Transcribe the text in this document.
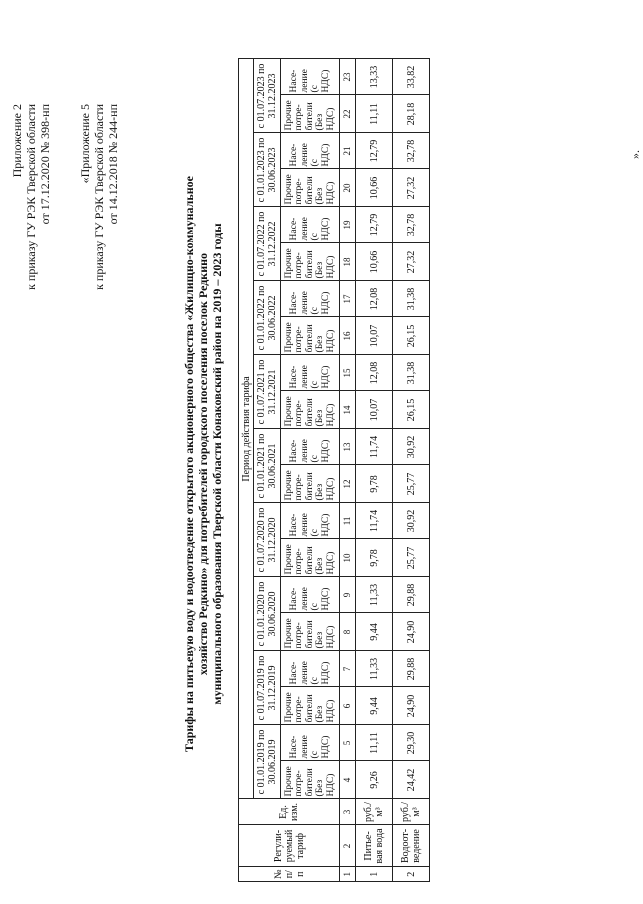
Приложение 2 к приказу ГУ РЭК Тверской области от 17.12.2020 № 398-нп «Приложение 5 к приказу ГУ РЭК Тверской области от 14.12.2018 № 244-нп
Тарифы на питьевую воду и водоотведение открытого акционерного общества «Жилищно-коммунальное хозяйство Редкино» для потребителей городского поселения поселок Редкино муниципального образования Тверской области Конаковский район на 2019 – 2023 годы
№ п/п	Регули-руемый тариф	Ед. изм.	Период действия тарифа																			
			с 01.01.2019 по 30.06.2019		с 01.07.2019 по 31.12.2019		с 01.01.2020 по 30.06.2020		с 01.07.2020 по 31.12.2020		с 01.01.2021 по 30.06.2021		с 01.07.2021 по 31.12.2021		с 01.01.2022 по 30.06.2022		с 01.07.2022 по 31.12.2022		с 01.01.2023 по 30.06.2023		с 01.07.2023 по 31.12.2023	
			Прочие потре-бители (Без НДС)	Насе-ление (с НДС)	Прочие потре-бители (Без НДС)	Насе-ление (с НДС)	Прочие потре-бители (Без НДС)	Насе-ление (с НДС)	Прочие потре-бители (Без НДС)	Насе-ление (с НДС)	Прочие потре-бители (Без НДС)	Насе-ление (с НДС)	Прочие потре-бители (Без НДС)	Насе-ление (с НДС)	Прочие потре-бители (Без НДС)	Насе-ление (с НДС)	Прочие потре-бители (Без НДС)	Насе-ление (с НДС)	Прочие потре-бители (Без НДС)	Насе-ление (с НДС)	Прочие потре-бители (Без НДС)	Насе-ление (с НДС)
1	2	3	4	5	6	7	8	9	10	11	12	13	14	15	16	17	18	19	20	21	22	23
1	Питье-вая вода	руб./ м³	9,26	11,11	9,44	11,33	9,44	11,33	9,78	11,74	9,78	11,74	10,07	12,08	10,07	12,08	10,66	12,79	10,66	12,79	11,11	13,33
2	Водоот-ведение	руб./ м³	24,42	29,30	24,90	29,88	24,90	29,88	25,77	30,92	25,77	30,92	26,15	31,38	26,15	31,38	27,32	32,78	27,32	32,78	28,18	33,82
».
